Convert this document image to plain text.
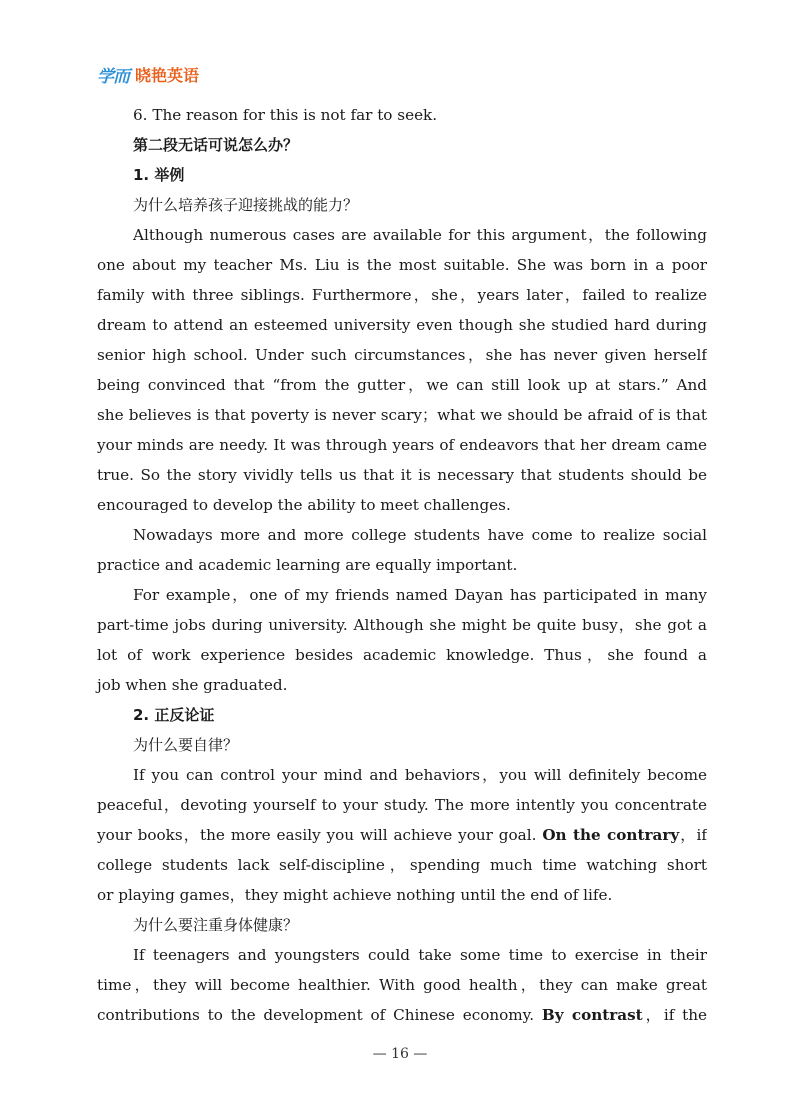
学而 晓艳英语
6. The reason for this is not far to seek.
第二段无话可说怎么办？
1. 举例
为什么培养孩子迎接挑战的能力？
Although numerous cases are available for this argument，the following
one about my teacher Ms. Liu is the most suitable. She was born in a poor
family with three siblings. Furthermore，she，years later，failed to realize
dream to attend an esteemed university even though she studied hard during
senior high school. Under such circumstances，she has never given herself
being convinced that “from the gutter，we can still look up at stars.” And
she believes is that poverty is never scary；what we should be afraid of is that
your minds are needy. It was through years of endeavors that her dream came
true. So the story vividly tells us that it is necessary that students should be
encouraged to develop the ability to meet challenges.
Nowadays more and more college students have come to realize social
practice and academic learning are equally important.
For example，one of my friends named Dayan has participated in many
part-time jobs during university. Although she might be quite busy，she got a
lot of work experience besides academic knowledge. Thus，she found a
job when she graduated.
2. 正反论证
为什么要自律？
If you can control your mind and behaviors，you will definitely become
peaceful，devoting yourself to your study. The more intently you concentrate
your books，the more easily you will achieve your goal. On the contrary，if
college students lack self-discipline，spending much time watching short
or playing games，they might achieve nothing until the end of life.
为什么要注重身体健康？
If teenagers and youngsters could take some time to exercise in their
time，they will become healthier. With good health，they can make great
contributions to the development of Chinese economy. By contrast，if the
— 16 —
